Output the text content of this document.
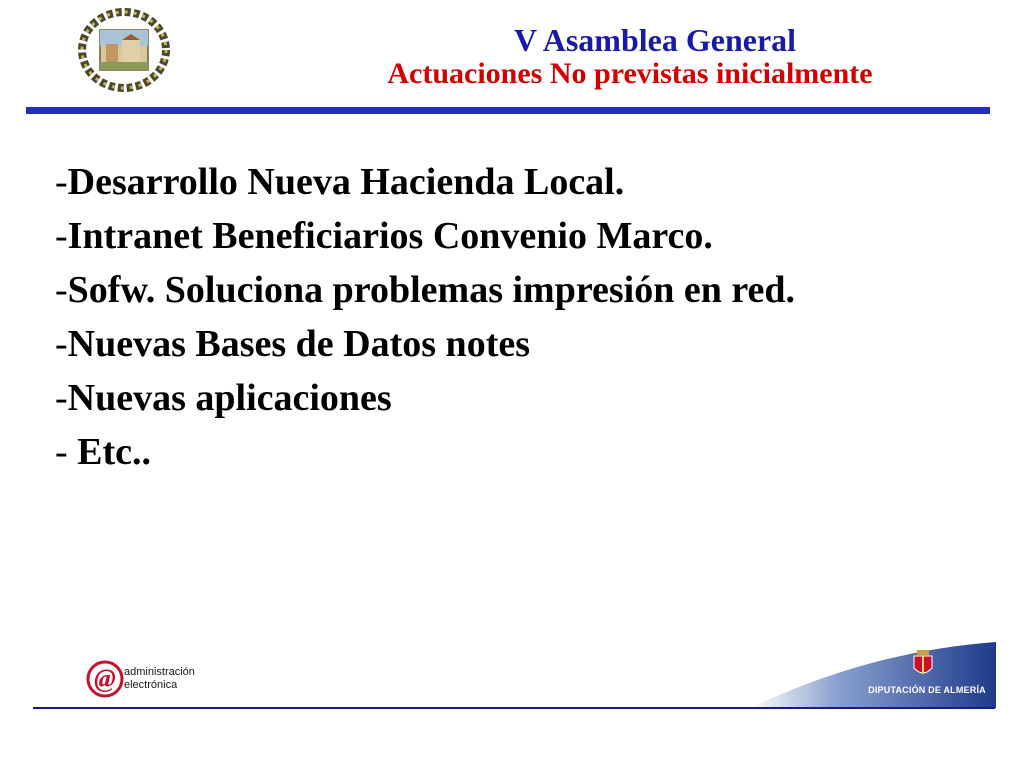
V Asamblea General
Actuaciones No previstas inicialmente
-Desarrollo Nueva Hacienda Local.
-Intranet Beneficiarios Convenio Marco.
-Sofw. Soluciona problemas impresión en red.
-Nuevas Bases de Datos notes
-Nuevas aplicaciones
- Etc..
@ administración
electrónica	DIPUTACIÓN DE ALMERÍA
